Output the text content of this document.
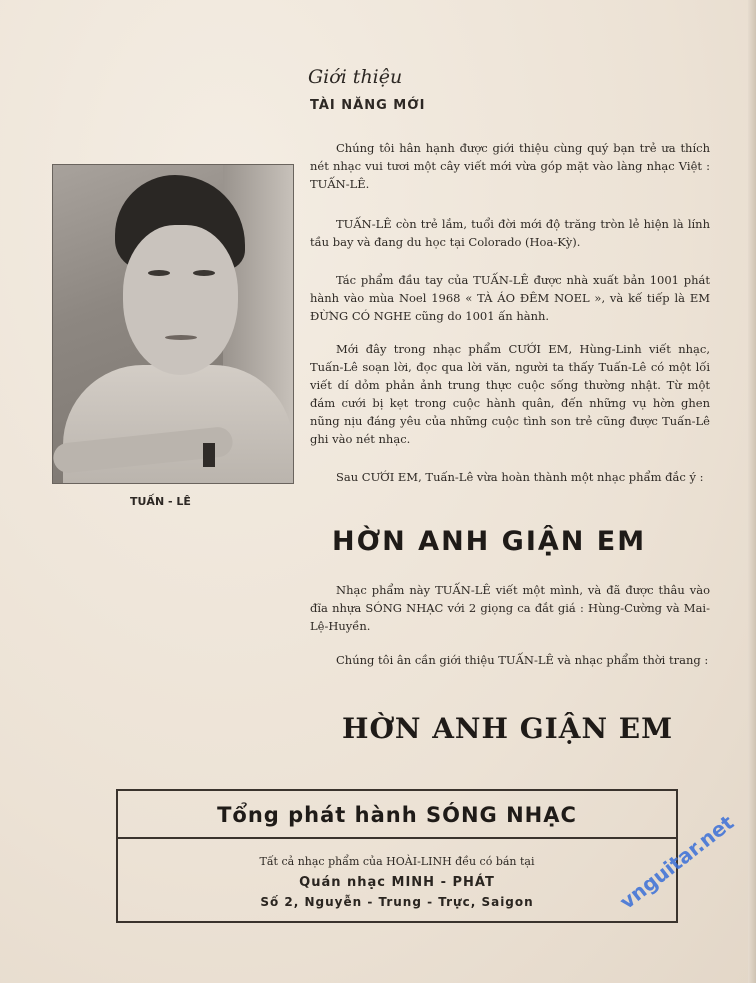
Giới thiệu
TÀI NĂNG MỚI
TUẤN - LÊ

Chúng tôi hân hạnh được giới thiệu cùng quý bạn trẻ ưa thích nét nhạc vui tươi một cây viết mới vừa góp mặt vào làng nhạc Việt : TUẤN-LÊ.

TUẤN-LÊ còn trẻ lắm, tuổi đời mới độ trăng tròn lẻ hiện là lính tầu bay và đang du học tại Colorado (Hoa-Kỳ).

Tác phẩm đầu tay của TUẤN-LÊ được nhà xuất bản 1001 phát hành vào mùa Noel 1968 « TÀ ÁO ĐÊM NOEL », và kế tiếp là EM ĐỪNG CÓ NGHE cũng do 1001 ấn hành.

Mới đây trong nhạc phẩm CƯỚI EM, Hùng-Linh viết nhạc, Tuấn-Lê soạn lời, đọc qua lời văn, người ta thấy Tuấn-Lê có một lối viết dí dỏm phản ảnh trung thực cuộc sống thường nhật. Từ một đám cưới bị kẹt trong cuộc hành quân, đến những vụ hờn ghen nũng nịu đáng yêu của những cuộc tình son trẻ cũng được Tuấn-Lê ghi vào nét nhạc.

Sau CƯỚI EM, Tuấn-Lê vừa hoàn thành một nhạc phẩm đắc ý :

HỜN ANH GIẬN EM

Nhạc phẩm này TUẤN-LÊ viết một mình, và đã được thâu vào đĩa nhựa SÓNG NHẠC với 2 giọng ca đắt giá : Hùng-Cường và Mai-Lệ-Huyền.

Chúng tôi ân cần giới thiệu TUẤN-LÊ và nhạc phẩm thời trang :

HỜN ANH GIẬN EM
Tổng phát hành SÓNG NHẠC
Tất cả nhạc phẩm của HOÀI-LINH đều có bán tại
Quán nhạc MINH - PHÁT
Số 2, Nguyễn - Trung - Trực, Saigon	vnguitar.net
